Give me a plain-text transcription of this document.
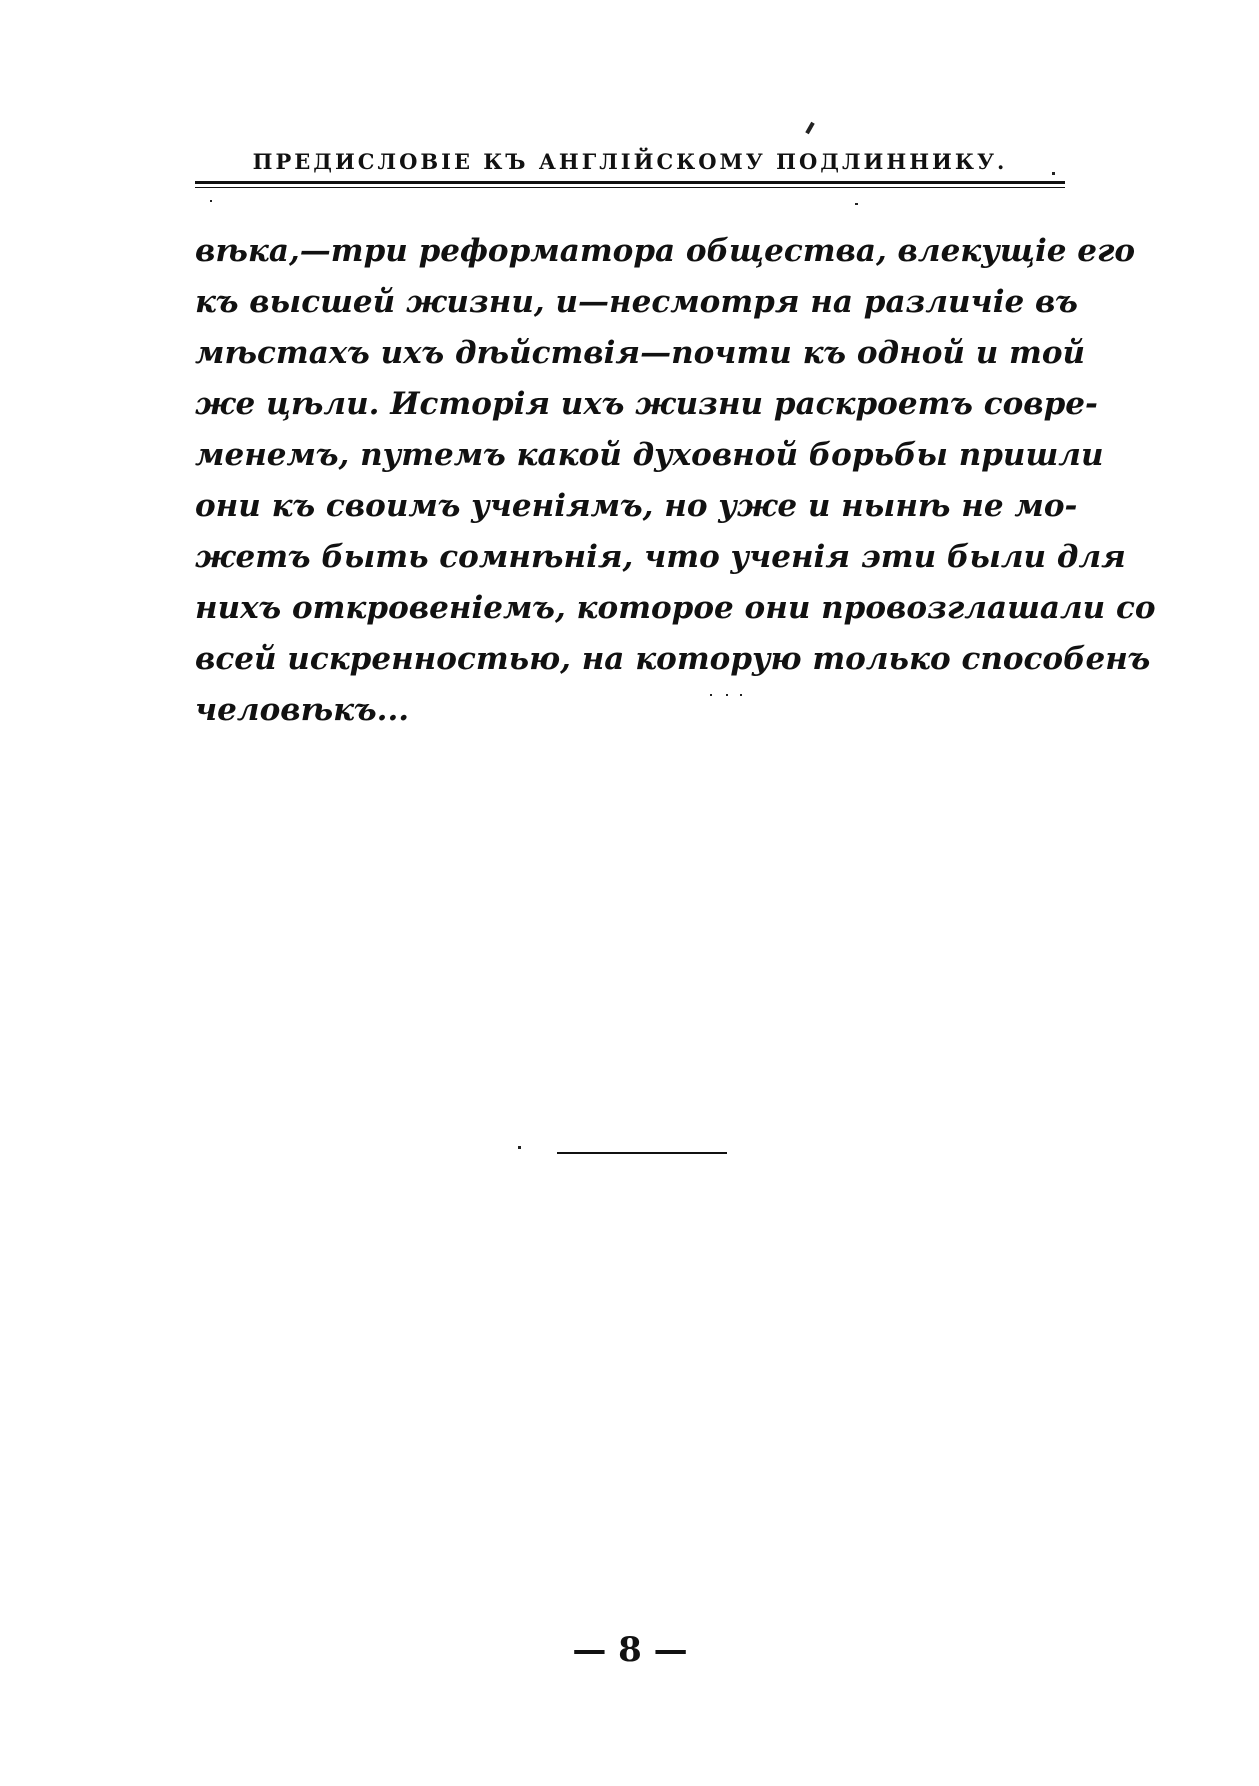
ПРЕДИСЛОВІЕ КЪ АНГЛІЙСКОМУ ПОДЛИННИКУ.
вѣка,—три реформатора общества, влекущіе его
къ высшей жизни, и—несмотря на различіе въ
мѣстахъ ихъ дѣйствія—почти къ одной и той
же цѣли. Исторія ихъ жизни раскроетъ совре-
менемъ, путемъ какой духовной борьбы пришли
они къ своимъ ученіямъ, но уже и нынѣ не мо-
жетъ быть сомнѣнія, что ученія эти были для
нихъ откровеніемъ, которое они провозглашали со
всей искренностью, на которую только способенъ
человѣкъ...
— 8 —
